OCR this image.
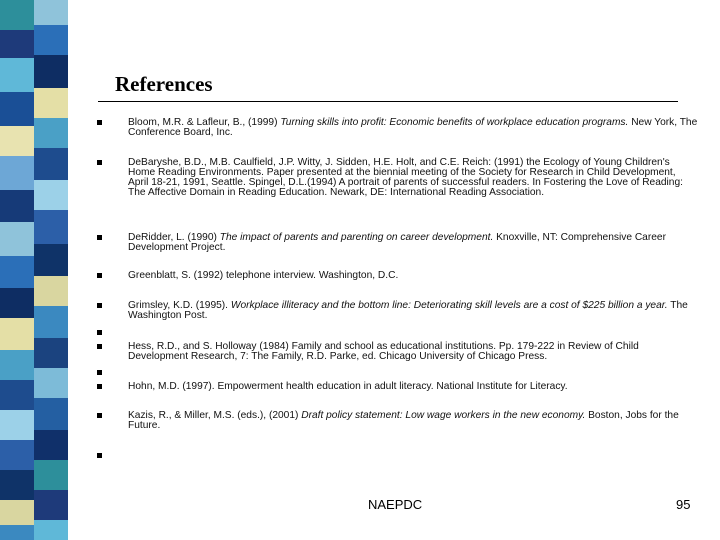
References

Bloom, M.R. & Lafleur, B., (1999) Turning skills into profit: Economic benefits of workplace education programs. New York, The Conference Board, Inc.

DeBaryshe, B.D., M.B. Caulfield, J.P. Witty, J. Sidden, H.E. Holt, and C.E. Reich: (1991) the Ecology of Young Children's Home Reading Environments. Paper presented at the biennial meeting of the Society for Research in Child Development, April 18-21, 1991, Seattle. Spingel, D.L.(1994) A portrait of parents of successful readers. In Fostering the Love of Reading: The Affective Domain in Reading Education. Newark, DE: International Reading Association.

DeRidder, L. (1990) The impact of parents and parenting on career development. Knoxville, NT: Comprehensive Career Development Project.

Greenblatt, S. (1992) telephone interview. Washington, D.C.

Grimsley, K.D. (1995). Workplace illiteracy and the bottom line: Deteriorating skill levels are a cost of $225 billion a year. The Washington Post.

Hess, R.D., and S. Holloway (1984) Family and school as educational institutions. Pp. 179-222 in Review of Child Development Research, 7: The Family, R.D. Parke, ed. Chicago University of Chicago Press.

Hohn, M.D. (1997). Empowerment health education in adult literacy. National Institute for Literacy.

Kazis, R., & Miller, M.S. (eds.), (2001) Draft policy statement: Low wage workers in the new economy. Boston, Jobs for the Future.

NAEPDC	95
